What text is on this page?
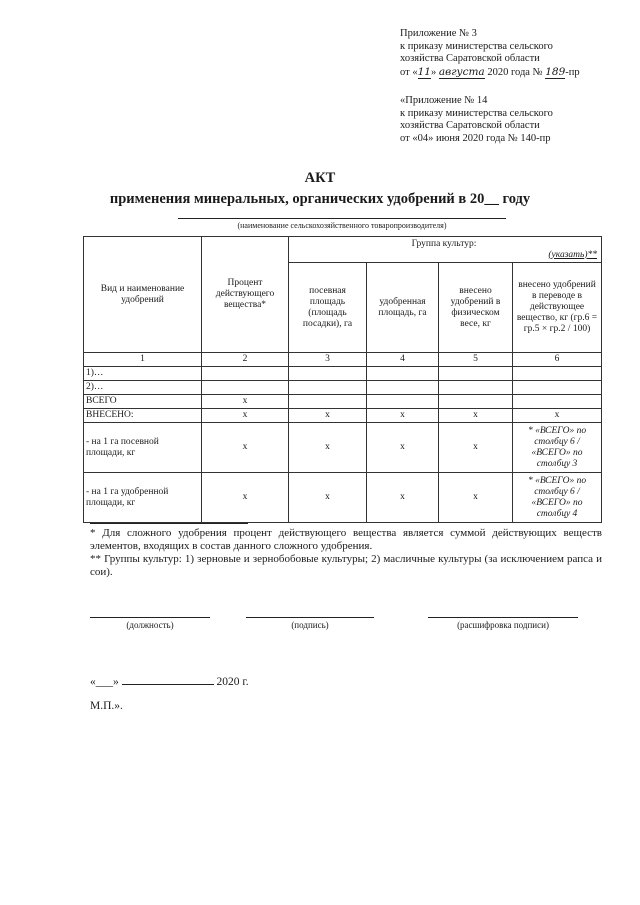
Приложение № 3
к приказу министерства сельского
хозяйства Саратовской области
от «11» августа 2020 года № 189-пр
«Приложение № 14
к приказу министерства сельского
хозяйства Саратовской области
от «04» июня 2020 года № 140-пр
АКТ
применения минеральных, органических удобрений в 20__ году
(наименование сельскохозяйственного товаропроизводителя)
Вид и наименование удобрений	Процент действующего вещества*	Группа культур:
(указать)**			

		посевная площадь (площадь посадки), га	удобренная площадь, га	внесено удобрений в физическом весе, кг	внесено удобрений в переводе в действующее вещество, кг (гр.6 = гр.5 × гр.2 / 100)
1	2	3	4	5	6
1)…					
2)…					
ВСЕГО	x				
ВНЕСЕНО:	x	x	x	x	x
- на 1 га посевной площади, кг	x	x	x	x	* «ВСЕГО» по столбцу 6 / «ВСЕГО» по столбцу 3
- на 1 га удобренной площади, кг	x	x	x	x	* «ВСЕГО» по столбцу 6 / «ВСЕГО» по столбцу 4
* Для сложного удобрения процент действующего вещества является суммой действующих веществ элементов, входящих в состав данного сложного удобрения.
** Группы культур: 1) зерновые и зернобобовые культуры; 2) масличные культуры (за исключением рапса и сои).
(должность)	(подпись)	(расшифровка подписи)
«___»	2020 г.
М.П.».
